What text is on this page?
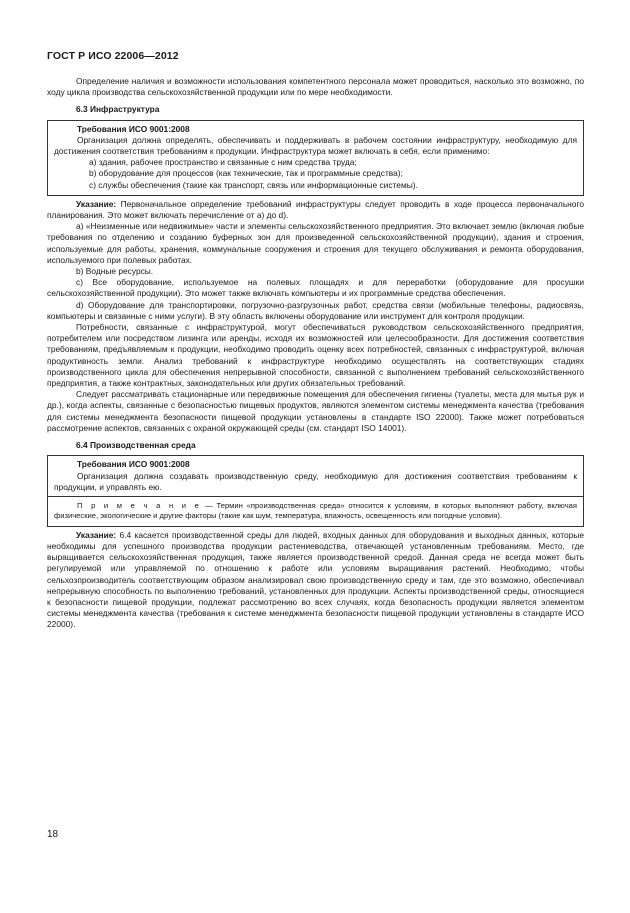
ГОСТ Р ИСО 22006—2012

Определение наличия и возможности использования компетентного персонала может проводиться, насколько это возможно, по ходу цикла производства сельскохозяйственной продукции или по мере необходимости.

6.3 Инфраструктура

Требования ИСО 9001:2008

Организация должна определять, обеспечивать и поддерживать в рабочем состоянии инфраструктуру, необходимую для достижения соответствия требованиям к продукции. Инфраструктура может включать в себя, если применимо:

a) здания, рабочее пространство и связанные с ним средства труда;

b) оборудование для процессов (как технические, так и программные средства);

c) службы обеспечения (такие как транспорт, связь или информационные системы).

Указание: Первоначальное определение требований инфраструктуры следует проводить в ходе процесса первоначального планирования. Это может включать перечисление от a) до d).

a) «Неизменные или недвижимые» части и элементы сельскохозяйственного предприятия. Это включает землю (включая любые требования по отделению и созданию буферных зон для произведенной сельскохозяйственной продукции), здания и строения, используемые для работы, хранения, коммунальные сооружения и строения для текущего обслуживания и ремонта оборудования, используемого при полевых работах.

b) Водные ресурсы.

c) Все оборудование, используемое на полевых площадях и для переработки (оборудование для просушки сельскохозяйственной продукции). Это может также включать компьютеры и их программные средства обеспечения.

d) Оборудование для транспортировки, погрузочно-разгрузочных работ, средства связи (мобильные телефоны, радиосвязь, компьютеры и связанные с ними услуги). В эту область включены оборудование или инструмент для контроля продукции.

Потребности, связанные с инфраструктурой, могут обеспечиваться руководством сельскохозяйственного предприятия, потребителем или посредством лизинга или аренды, исходя их возможностей или целесообразности. Для достижения соответствия требованиям, предъявляемым к продукции, необходимо проводить оценку всех потребностей, связанных с инфраструктурой, включая продуктивность земли. Анализ требований к инфраструктуре необходимо осуществлять на соответствующих стадиях производственного цикла для обеспечения непрерывной способности, связанной с выполнением требований сельскохозяйственного предприятия, а также контрактных, законодательных или других обязательных требований.

Следует рассматривать стационарные или передвижные помещения для обеспечения гигиены (туалеты, места для мытья рук и др.), когда аспекты, связанные с безопасностью пищевых продуктов, являются элементом системы менеджмента качества (требования для системы менеджмента безопасности пищевой продукции установлены в стандарте ISO 22000). Также может потребоваться рассмотрение аспектов, связанных с охраной окружающей среды (см. стандарт ISO 14001).

6.4 Производственная среда

Требования ИСО 9001:2008

Организация должна создавать производственную среду, необходимую для достижения соответствия требованиям к продукции, и управлять ею.

П р и м е ч а н и е — Термин «производственная среда» относится к условиям, в которых выполняют работу, включая физические, экологические и другие факторы (такие как шум, температура, влажность, освещенность или погодные условия).

Указание: 6.4 касается производственной среды для людей, входных данных для оборудования и выходных данных, которые необходимы для успешного производства продукции растениеводства, отвечающей установленным требованиям. Место, где выращивается сельскохозяйственная продукция, также является производственной средой. Данная среда не всегда может быть регулируемой или управляемой по отношению к работе или условиям выращивания растений. Необходимо, чтобы сельхозпроизводитель соответствующим образом анализировал свою производственную среду и там, где это возможно, обеспечивал непрерывную способность по выполнению требований, установленных для продукции. Аспекты производственной среды, относящиеся к безопасности пищевой продукции, подлежат рассмотрению во всех случаях, когда безопасность продукции является элементом системы менеджмента качества (требования к системе менеджмента безопасности пищевой продукции установлены в стандарте ИСО 22000).

18
